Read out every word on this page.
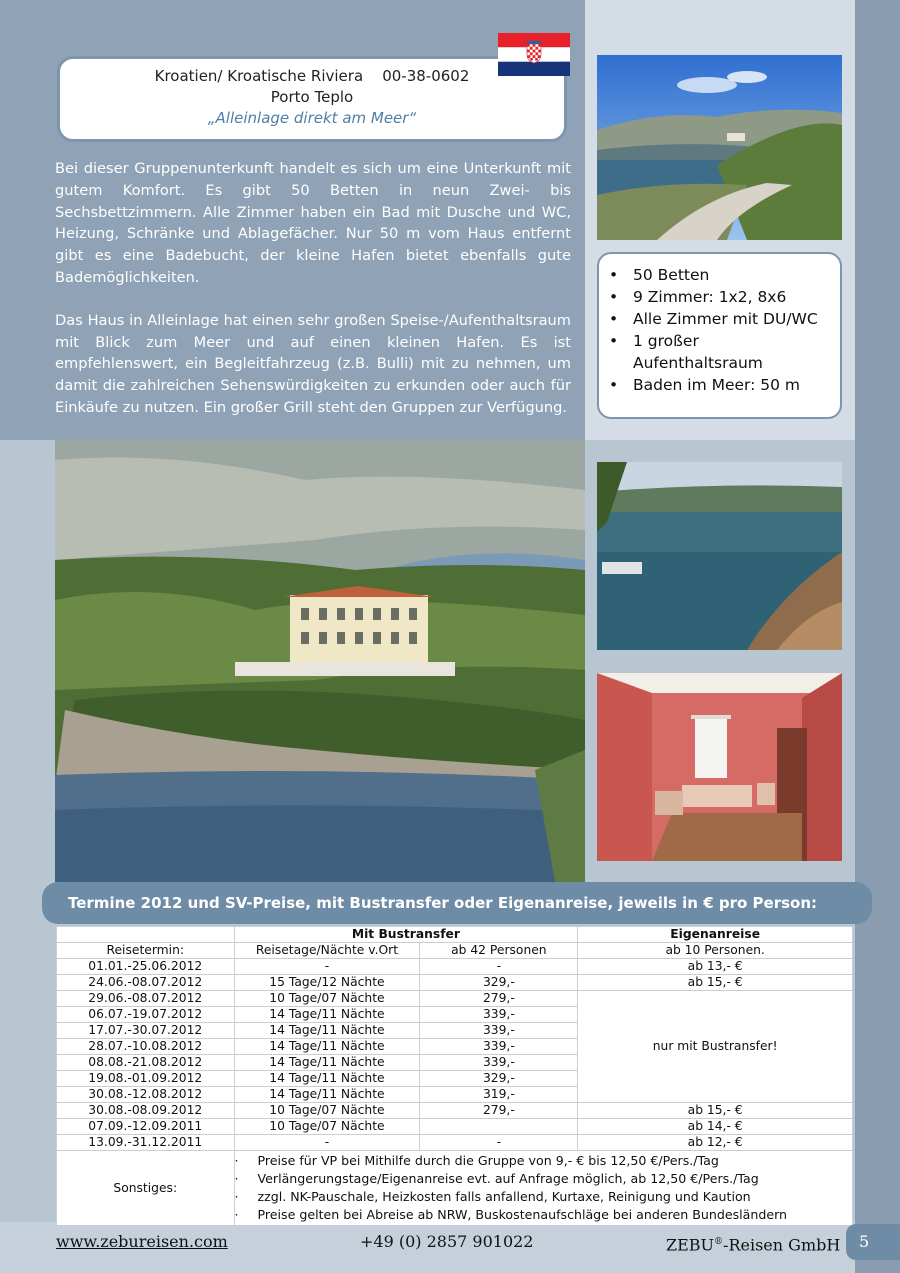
Kroatien/ Kroatische Riviera    00-38-0602
Porto Teplo
„Alleinlage direkt am Meer“

Bei dieser Gruppenunterkunft handelt es sich um eine Unterkunft mit gutem Komfort. Es gibt 50 Betten in neun Zwei- bis Sechsbettzimmern. Alle Zimmer haben ein Bad mit Dusche und WC, Heizung, Schränke und Ablagefächer. Nur 50 m vom Haus entfernt gibt es eine Badebucht, der kleine Hafen bietet ebenfalls gute Bademöglichkeiten.

Das Haus in Alleinlage hat einen sehr großen Speise-/Aufenthaltsraum mit Blick zum Meer und auf einen kleinen Hafen. Es ist empfehlenswert, ein Begleitfahrzeug (z.B. Bulli) mit zu nehmen, um damit die zahlreichen Sehenswürdigkeiten zu erkunden oder auch für Einkäufe zu nutzen. Ein großer Grill steht den Gruppen zur Verfügung.

• 50 Betten
• 9 Zimmer: 1x2, 8x6
• Alle Zimmer mit DU/WC
• 1 großer Aufenthaltsraum
• Baden im Meer: 50 m
Termine 2012 und SV-Preise, mit Bustransfer oder Eigenanreise, jeweils in € pro Person:
	Mit Bustransfer		Eigenanreise
Reisetermin:	Reisetage/Nächte v.Ort	ab 42 Personen	ab 10 Personen.
01.01.-25.06.2012	-	-	ab 13,- €
24.06.-08.07.2012	15 Tage/12 Nächte	329,-	ab 15,- €
29.06.-08.07.2012	10 Tage/07 Nächte	279,-	nur mit Bustransfer!
06.07.-19.07.2012	14 Tage/11 Nächte	339,-	
17.07.-30.07.2012	14 Tage/11 Nächte	339,-	
28.07.-10.08.2012	14 Tage/11 Nächte	339,-	
08.08.-21.08.2012	14 Tage/11 Nächte	339,-	
19.08.-01.09.2012	14 Tage/11 Nächte	329,-	
30.08.-12.08.2012	14 Tage/11 Nächte	319,-	
30.08.-08.09.2012	10 Tage/07 Nächte	279,-	ab 15,- €
07.09.-12.09.2011	10 Tage/07 Nächte		ab 14,- €
13.09.-31.12.2011	-	-	ab 12,- €
Sonstiges:	· Preise für VP bei Mithilfe durch die Gruppe von 9,- € bis 12,50 €/Pers./Tag
· Verlängerungstage/Eigenanreise evt. auf Anfrage möglich, ab 12,50 €/Pers./Tag
· zzgl. NK-Pauschale, Heizkosten falls anfallend, Kurtaxe, Reinigung und Kaution
· Preise gelten bei Abreise ab NRW, Buskostenaufschläge bei anderen Bundesländern
www.zebureisen.com	+49 (0) 2857 901022	ZEBU®-Reisen GmbH	5
